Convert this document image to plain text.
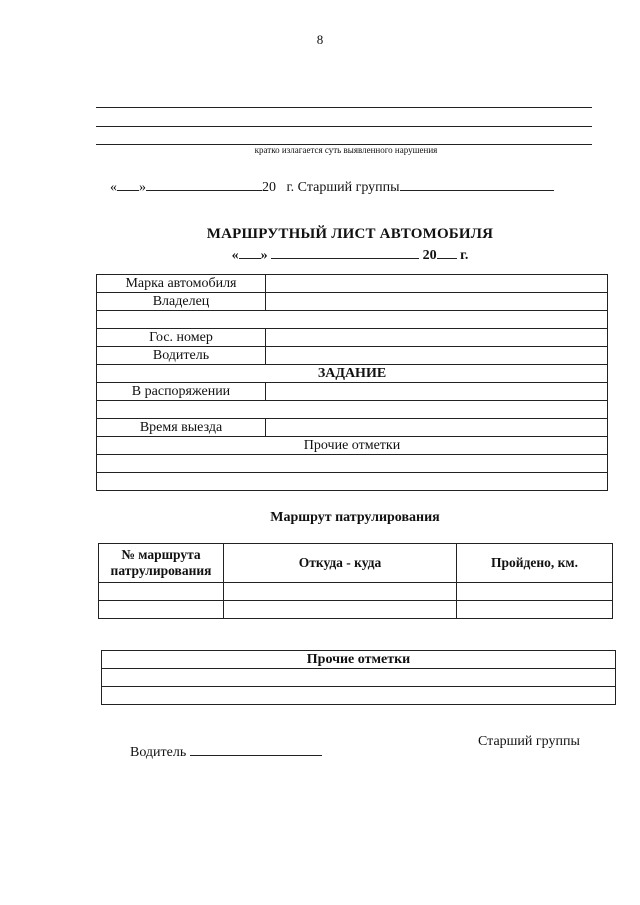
8
кратко излагается суть выявленного нарушения
« »	20 г. Старший группы
МАРШРУТНЫЙ ЛИСТ АВТОМОБИЛЯ
« »	20 г.
Марка автомобиля	
Владелец	

Гос. номер	
Водитель	
ЗАДАНИЕ	
В распоряжении	

Время выезда	
Прочие отметки	

Маршрут патрулирования
№ маршрута патрулирования	Откуда - куда	Пройдено, км.

Прочие отметки

Водитель
Старший группы
